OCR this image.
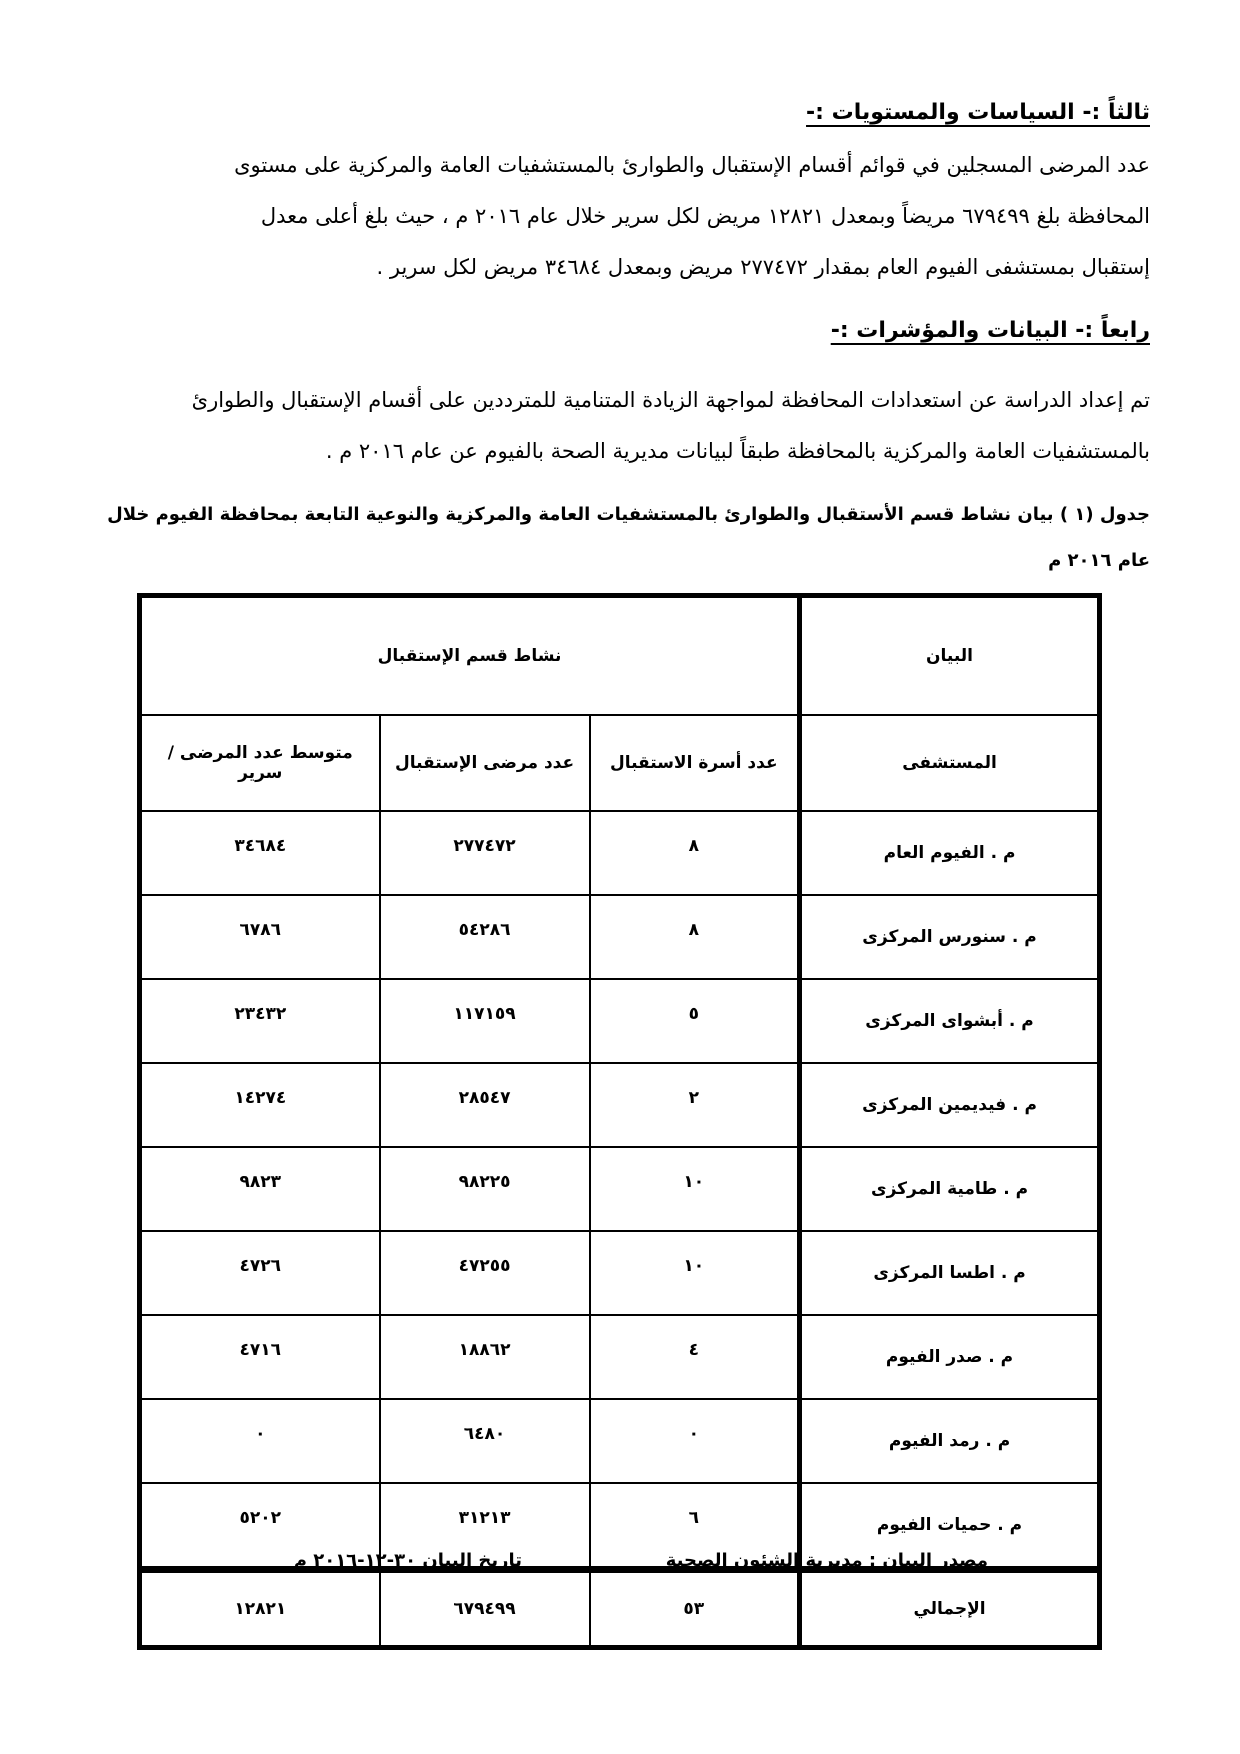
ثالثاً :- السياسات والمستويات :-

عدد المرضى المسجلين في قوائم أقسام الإستقبال والطوارئ بالمستشفيات العامة والمركزية على مستوى

المحافظة بلغ ٦٧٩٤٩٩ مريضاً وبمعدل ١٢٨٢١ مريض لكل سرير خلال عام ٢٠١٦ م ، حيث بلغ أعلى معدل

إستقبال بمستشفى الفيوم العام بمقدار ٢٧٧٤٧٢ مريض وبمعدل ٣٤٦٨٤ مريض لكل سرير .

رابعاً :- البيانات والمؤشرات :-

تم إعداد الدراسة عن استعدادات المحافظة لمواجهة الزيادة المتنامية للمترددين على أقسام الإستقبال والطوارئ

بالمستشفيات العامة والمركزية بالمحافظة طبقاً لبيانات مديرية الصحة بالفيوم عن عام ٢٠١٦ م .

جدول (١ ) بيان نشاط قسم الأستقبال والطوارئ بالمستشفيات العامة والمركزية والنوعية التابعة بمحافظة الفيوم خلال عام ٢٠١٦ م
البيان	نشاط قسم الإستقبال		
المستشفى	عدد أسرة الاستقبال	عدد مرضى الإستقبال	متوسط عدد المرضى / سرير
م . الفيوم العام	٨	٢٧٧٤٧٢	٣٤٦٨٤
م . سنورس المركزى	٨	٥٤٢٨٦	٦٧٨٦
م . أبشواى المركزى	٥	١١٧١٥٩	٢٣٤٣٢
م . فيديمين المركزى	٢	٢٨٥٤٧	١٤٢٧٤
م . طامية المركزى	١٠	٩٨٢٢٥	٩٨٢٣
م . اطسا المركزى	١٠	٤٧٢٥٥	٤٧٢٦
م . صدر الفيوم	٤	١٨٨٦٢	٤٧١٦
م . رمد الفيوم	٠	٦٤٨٠	٠
م . حميات الفيوم	٦	٣١٢١٣	٥٢٠٢
الإجمالي	٥٣	٦٧٩٤٩٩	١٢٨٢١
مصدر البيان : مديرية الشئون الصحية
تاريخ البيان ٣٠-١٢-٢٠١٦ م
